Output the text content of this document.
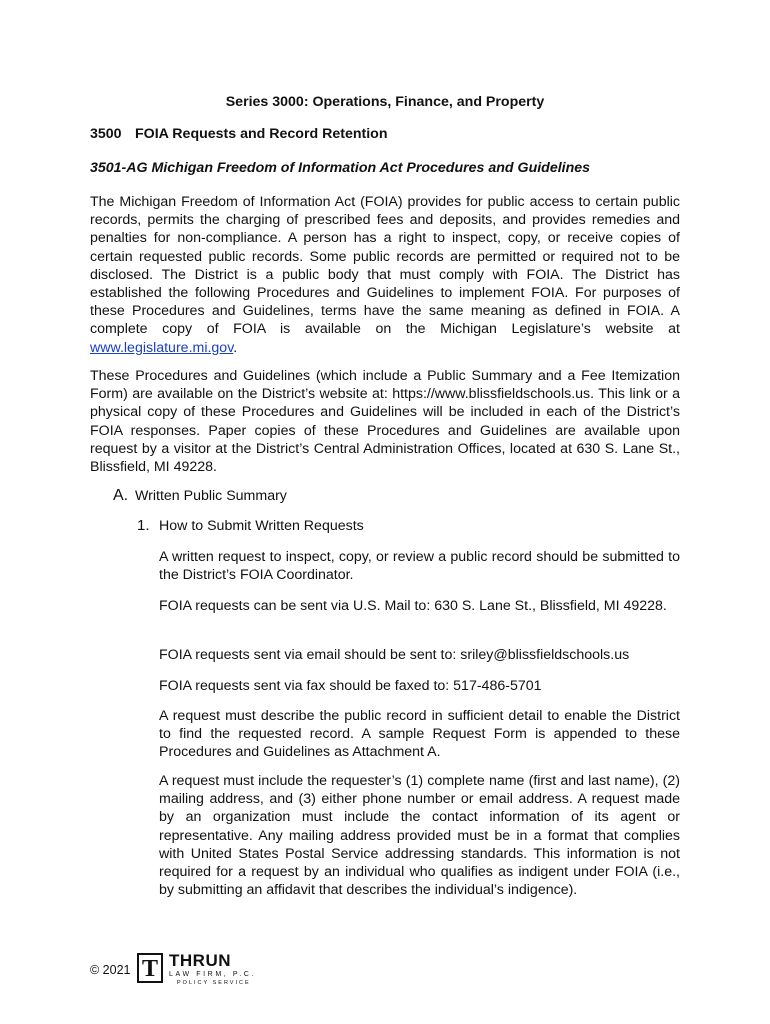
Series 3000: Operations, Finance, and Property
3500 FOIA Requests and Record Retention
3501-AG Michigan Freedom of Information Act Procedures and Guidelines
The Michigan Freedom of Information Act (FOIA) provides for public access to certain public records, permits the charging of prescribed fees and deposits, and provides remedies and penalties for non-compliance. A person has a right to inspect, copy, or receive copies of certain requested public records. Some public records are permitted or required not to be disclosed. The District is a public body that must comply with FOIA. The District has established the following Procedures and Guidelines to implement FOIA. For purposes of these Procedures and Guidelines, terms have the same meaning as defined in FOIA. A complete copy of FOIA is available on the Michigan Legislature’s website at www.legislature.mi.gov.
These Procedures and Guidelines (which include a Public Summary and a Fee Itemization Form) are available on the District’s website at: https://www.blissfieldschools.us. This link or a physical copy of these Procedures and Guidelines will be included in each of the District’s FOIA responses. Paper copies of these Procedures and Guidelines are available upon request by a visitor at the District’s Central Administration Offices, located at 630 S. Lane St., Blissfield, MI 49228.
A. Written Public Summary
1. How to Submit Written Requests
A written request to inspect, copy, or review a public record should be submitted to the District’s FOIA Coordinator.
FOIA requests can be sent via U.S. Mail to: 630 S. Lane St., Blissfield, MI 49228.
FOIA requests sent via email should be sent to: sriley@blissfieldschools.us
FOIA requests sent via fax should be faxed to: 517-486-5701
A request must describe the public record in sufficient detail to enable the District to find the requested record. A sample Request Form is appended to these Procedures and Guidelines as Attachment A.
A request must include the requester’s (1) complete name (first and last name), (2) mailing address, and (3) either phone number or email address. A request made by an organization must include the contact information of its agent or representative. Any mailing address provided must be in a format that complies with United States Postal Service addressing standards. This information is not required for a request by an individual who qualifies as indigent under FOIA (i.e., by submitting an affidavit that describes the individual’s indigence).
© 2021 T THRUN
LAW FIRM, P.C.
POLICY SERVICE
